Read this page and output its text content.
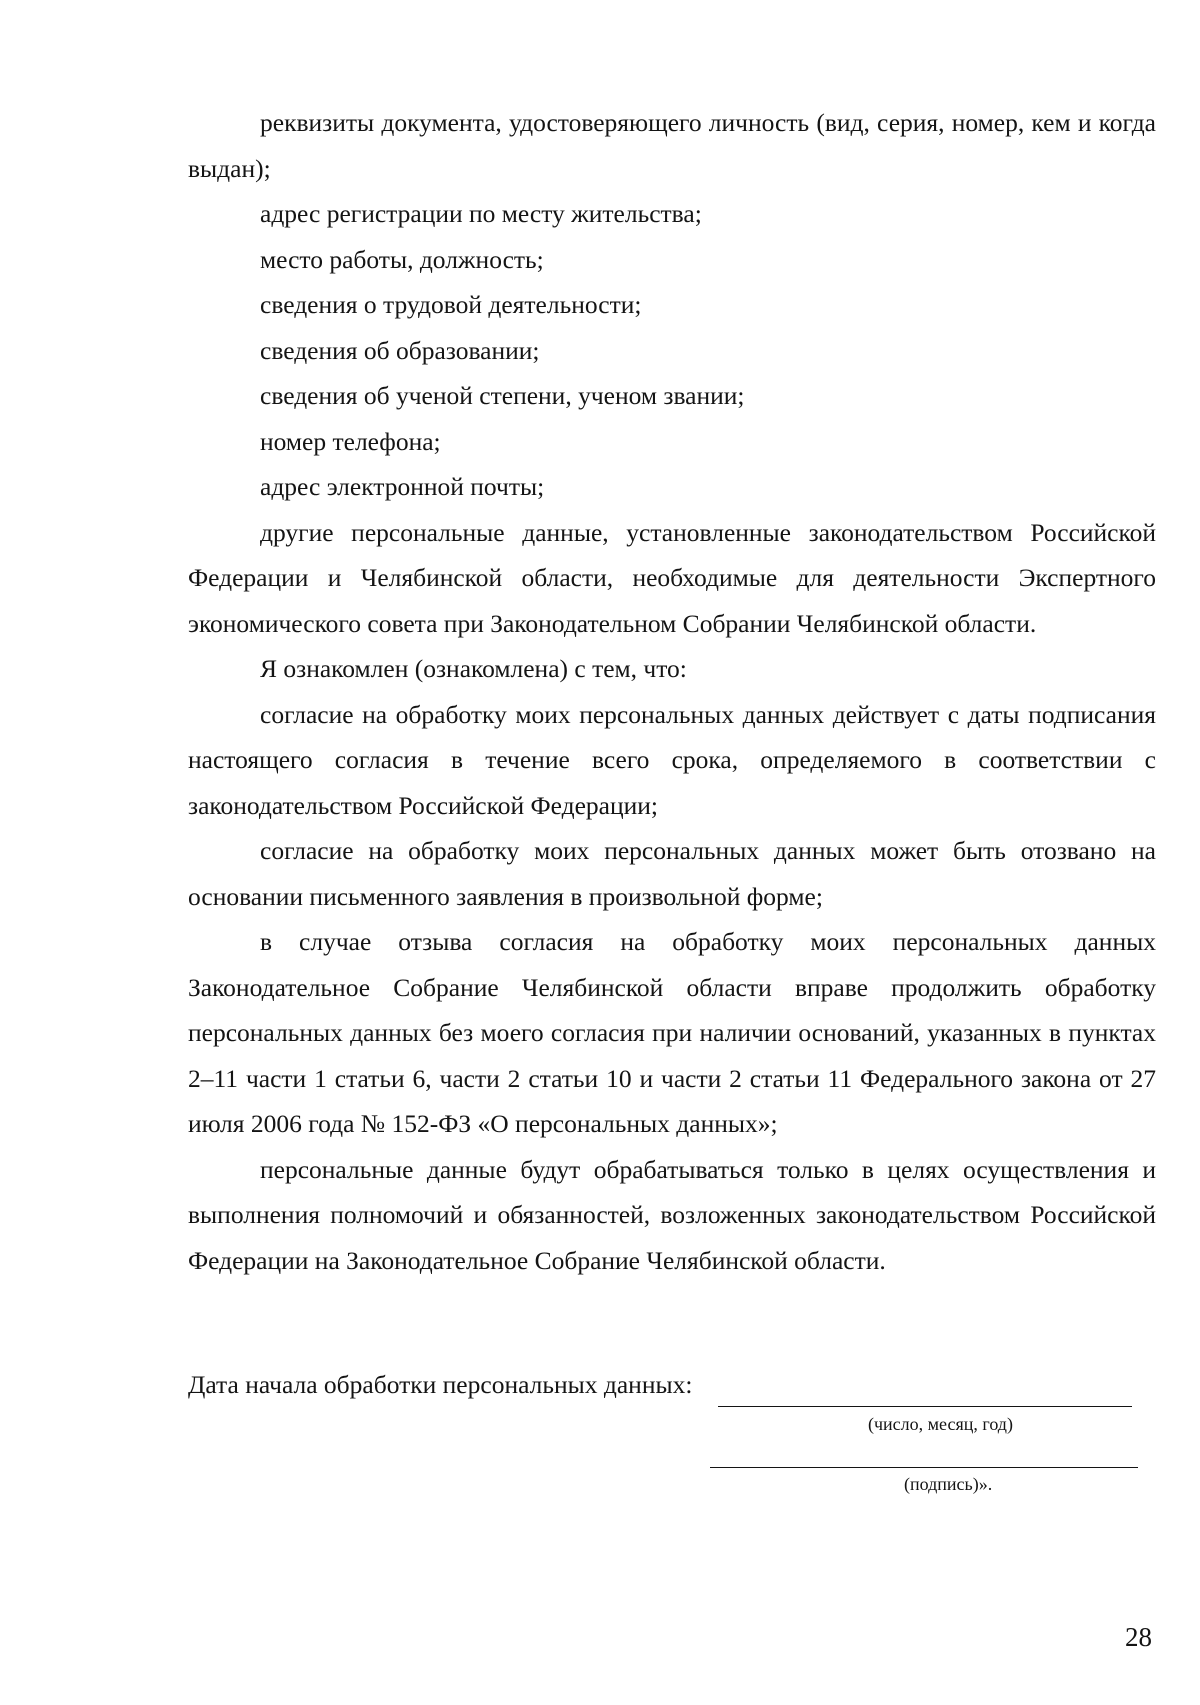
реквизиты документа, удостоверяющего личность (вид, серия, номер, кем и когда выдан);

адрес регистрации по месту жительства;

место работы, должность;

сведения о трудовой деятельности;

сведения об образовании;

сведения об ученой степени, ученом звании;

номер телефона;

адрес электронной почты;

другие персональные данные, установленные законодательством Российской Федерации и Челябинской области, необходимые для деятельности Экспертного экономического совета при Законодательном Собрании Челябинской области.

Я ознакомлен (ознакомлена) с тем, что:

согласие на обработку моих персональных данных действует с даты подписания настоящего согласия в течение всего срока, определяемого в соответствии с законодательством Российской Федерации;

согласие на обработку моих персональных данных может быть отозвано на основании письменного заявления в произвольной форме;

в случае отзыва согласия на обработку моих персональных данных Законодательное Собрание Челябинской области вправе продолжить обработку персональных данных без моего согласия при наличии оснований, указанных в пунктах 2–11 части 1 статьи 6, части 2 статьи 10 и части 2 статьи 11 Федерального закона от 27 июля 2006 года № 152-ФЗ «О персональных данных»;

персональные данные будут обрабатываться только в целях осуществления и выполнения полномочий и обязанностей, возложенных законодательством Российской Федерации на Законодательное Собрание Челябинской области.

Дата начала обработки персональных данных:
(число, месяц, год)
(подпись)».
28
